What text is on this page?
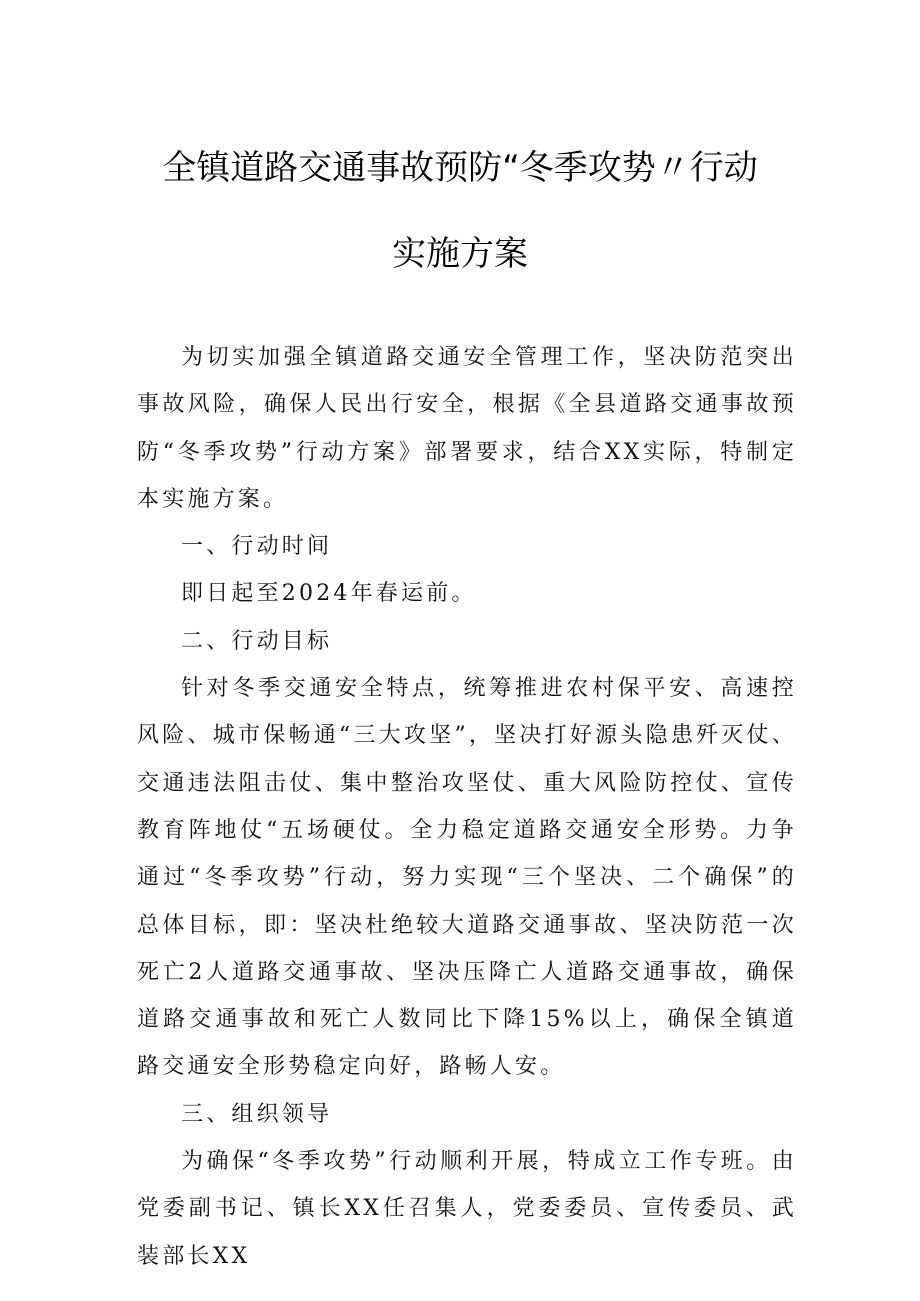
全镇道路交通事故预防“冬季攻势〃行动
实施方案

为切实加强全镇道路交通安全管理工作，坚决防范突出事故风险，确保人民出行安全，根据《全县道路交通事故预防“冬季攻势”行动方案》部署要求，结合XX实际，特制定本实施方案。

一、行动时间

即日起至2024年春运前。

二、行动目标

针对冬季交通安全特点，统筹推进农村保平安、高速控风险、城市保畅通“三大攻坚”，坚决打好源头隐患歼灭仗、交通违法阻击仗、集中整治攻坚仗、重大风险防控仗、宣传教育阵地仗“五场硬仗。全力稳定道路交通安全形势。力争通过“冬季攻势”行动，努力实现“三个坚决、二个确保”的总体目标，即：坚决杜绝较大道路交通事故、坚决防范一次死亡2人道路交通事故、坚决压降亡人道路交通事故，确保道路交通事故和死亡人数同比下降15%以上，确保全镇道路交通安全形势稳定向好，路畅人安。

三、组织领导

为确保“冬季攻势”行动顺利开展，特成立工作专班。由党委副书记、镇长XX任召集人，党委委员、宣传委员、武装部长XX
